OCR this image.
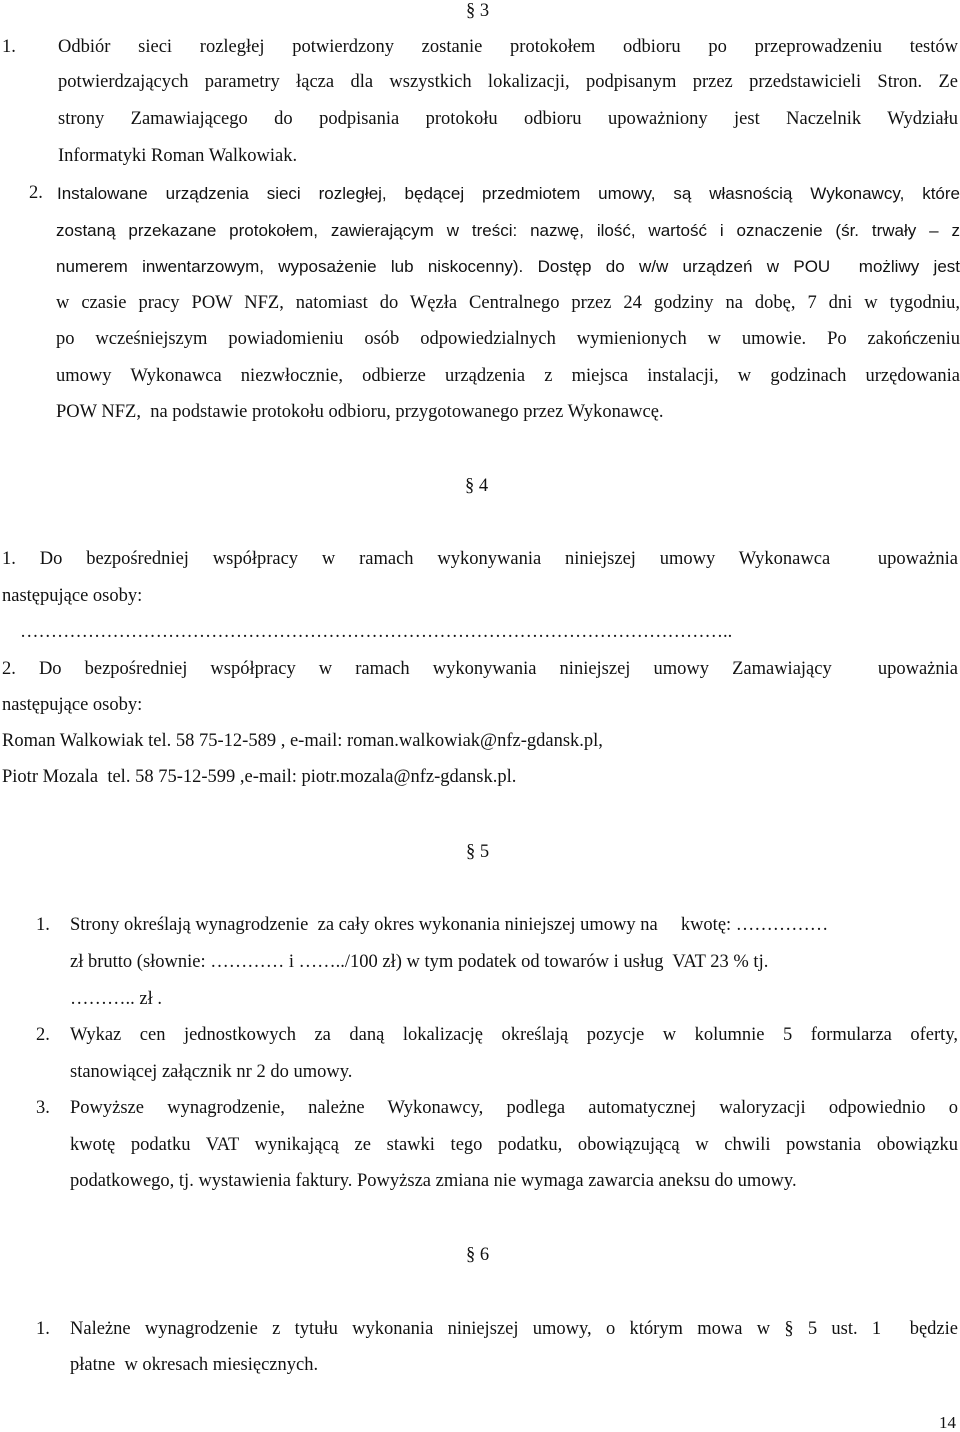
§ 3
1. Odbiór sieci rozległej potwierdzony zostanie protokołem odbioru po przeprowadzeniu testów
potwierdzających parametry łącza dla wszystkich lokalizacji, podpisanym przez przedstawicieli Stron. Ze
strony Zamawiającego do podpisania protokołu odbioru upoważniony jest Naczelnik Wydziału
Informatyki Roman Walkowiak.
2. Instalowane urządzenia sieci rozległej, będącej przedmiotem umowy, są własnością Wykonawcy, które
zostaną przekazane protokołem, zawierającym w treści: nazwę, ilość, wartość i oznaczenie (śr. trwały – z
numerem inwentarzowym, wyposażenie lub niskocenny). Dostęp do w/w urządzeń w POU  możliwy jest
w czasie pracy POW NFZ, natomiast do Węzła Centralnego przez 24 godziny na dobę, 7 dni w tygodniu,
po wcześniejszym powiadomieniu osób odpowiedzialnych wymienionych w umowie. Po zakończeniu
umowy Wykonawca niezwłocznie, odbierze urządzenia z miejsca instalacji, w godzinach urzędowania
POW NFZ,  na podstawie protokołu odbioru, przygotowanego przez Wykonawcę.
§ 4
1. Do bezpośredniej współpracy w ramach wykonywania niniejszej umowy Wykonawca  upoważnia
następujące osoby:
……………………………………………………………………………………………………..
2. Do bezpośredniej współpracy w ramach wykonywania niniejszej umowy Zamawiający  upoważnia
następujące osoby:
Roman Walkowiak tel. 58 75-12-589 , e-mail: roman.walkowiak@nfz-gdansk.pl,
Piotr Mozala  tel. 58 75-12-599 ,e-mail: piotr.mozala@nfz-gdansk.pl.
§ 5
1. Strony określają wynagrodzenie  za cały okres wykonania niniejszej umowy na     kwotę: ……………
zł brutto (słownie: ………… i ……../100 zł) w tym podatek od towarów i usług  VAT 23 % tj.
……….. zł .
2. Wykaz cen jednostkowych za daną lokalizację określają pozycje w kolumnie 5 formularza oferty,
stanowiącej załącznik nr 2 do umowy.
3. Powyższe wynagrodzenie, należne Wykonawcy, podlega automatycznej waloryzacji odpowiednio o
kwotę podatku VAT wynikającą ze stawki tego podatku, obowiązującą w chwili powstania obowiązku
podatkowego, tj. wystawienia faktury. Powyższa zmiana nie wymaga zawarcia aneksu do umowy.
§ 6
1. Należne wynagrodzenie z tytułu wykonania niniejszej umowy, o którym mowa w § 5 ust. 1  będzie
płatne  w okresach miesięcznych.
14
